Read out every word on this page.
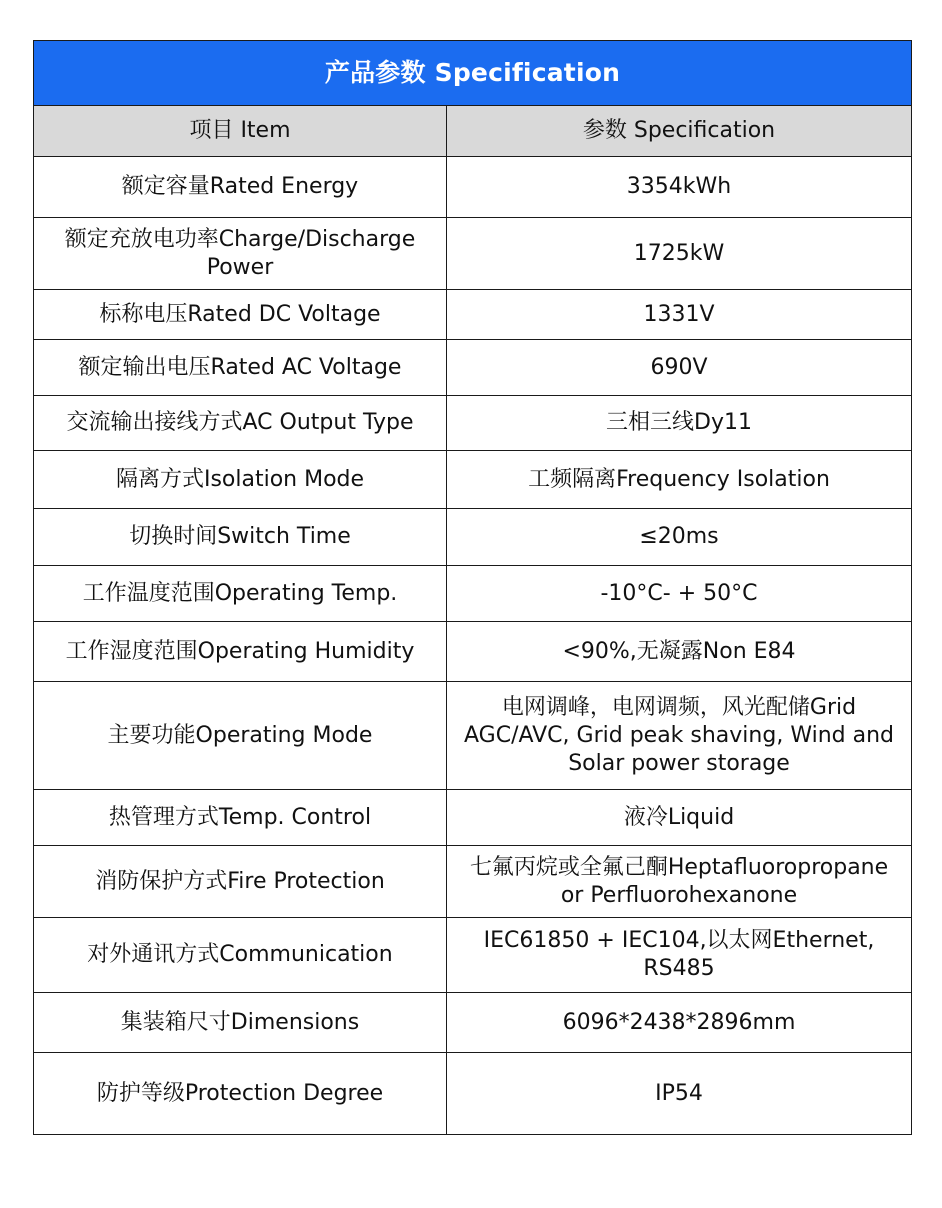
产品参数 Specification	
项目 Item	参数 Specification
额定容量Rated Energy	3354kWh
额定充放电功率Charge/Discharge Power	1725kW
标称电压Rated DC Voltage	1331V
额定输出电压Rated AC Voltage	690V
交流输出接线方式AC Output Type	三相三线Dy11
隔离方式Isolation Mode	工频隔离Frequency Isolation
切换时间Switch Time	≤20ms
工作温度范围Operating Temp.	-10°C- + 50°C
工作湿度范围Operating Humidity	<90%,无凝露Non E84
主要功能Operating Mode	电网调峰，电网调频，风光配储Grid AGC/AVC, Grid peak shaving, Wind and Solar power storage
热管理方式Temp. Control	液冷Liquid
消防保护方式Fire Protection	七氟丙烷或全氟己酮Heptafluoropropane or Perfluorohexanone
对外通讯方式Communication	IEC61850 + IEC104,以太网Ethernet, RS485
集装箱尺寸Dimensions	6096*2438*2896mm
防护等级Protection Degree	IP54
